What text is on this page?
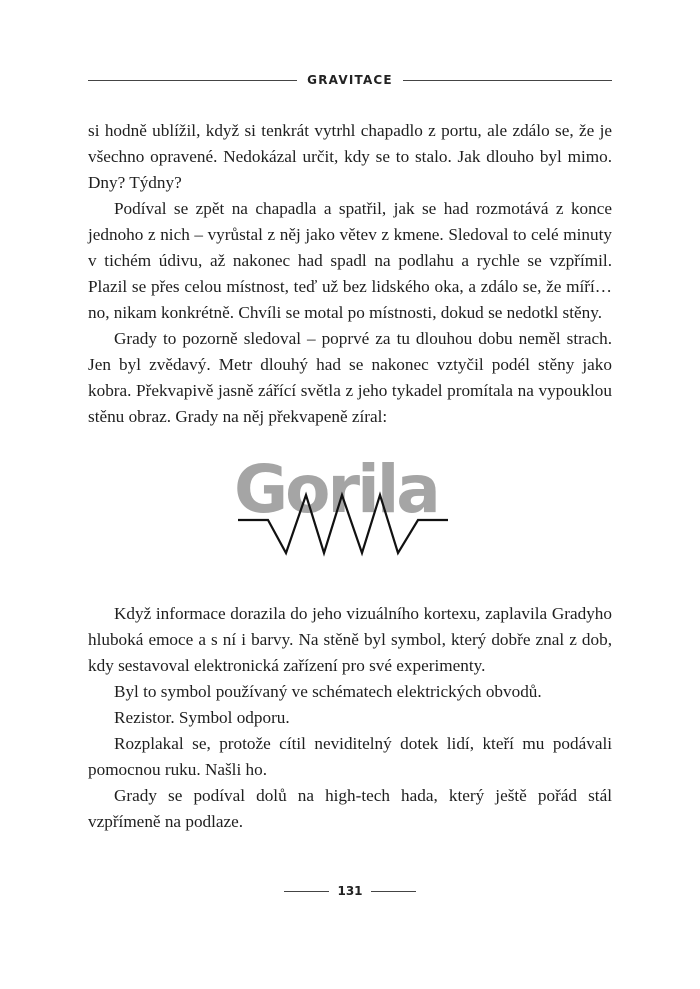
GRAVITACE

si hodně ublížil, když si tenkrát vytrhl chapadlo z portu, ale zdálo se, že je všechno opravené. Nedokázal určit, kdy se to stalo. Jak dlouho byl mimo. Dny? Týdny?

Podíval se zpět na chapadla a spatřil, jak se had rozmotává z konce jednoho z nich – vyrůstal z něj jako větev z kmene. Sledoval to celé minuty v tichém údivu, až nakonec had spadl na podlahu a rychle se vzpřímil. Plazil se přes celou místnost, teď už bez lidského oka, a zdálo se, že míří… no, nikam konkrétně. Chvíli se motal po místnosti, dokud se nedotkl stěny.

Grady to pozorně sledoval – poprvé za tu dlouhou dobu neměl strach. Jen byl zvědavý. Metr dlouhý had se nakonec vztyčil podél stěny jako kobra. Překvapivě jasně zářící světla z jeho tykadel promítala na vypouklou stěnu obraz. Grady na něj překvapeně zíral:

Gorila

Když informace dorazila do jeho vizuálního kortexu, zaplavila Gradyho hluboká emoce a s ní i barvy. Na stěně byl symbol, který dobře znal z dob, kdy sestavoval elektronická zařízení pro své experimenty.

Byl to symbol používaný ve schématech elektrických obvodů.

Rezistor. Symbol odporu.

Rozplakal se, protože cítil neviditelný dotek lidí, kteří mu podávali pomocnou ruku. Našli ho.

Grady se podíval dolů na high-tech hada, který ještě pořád stál vzpřímeně na podlaze.

131
